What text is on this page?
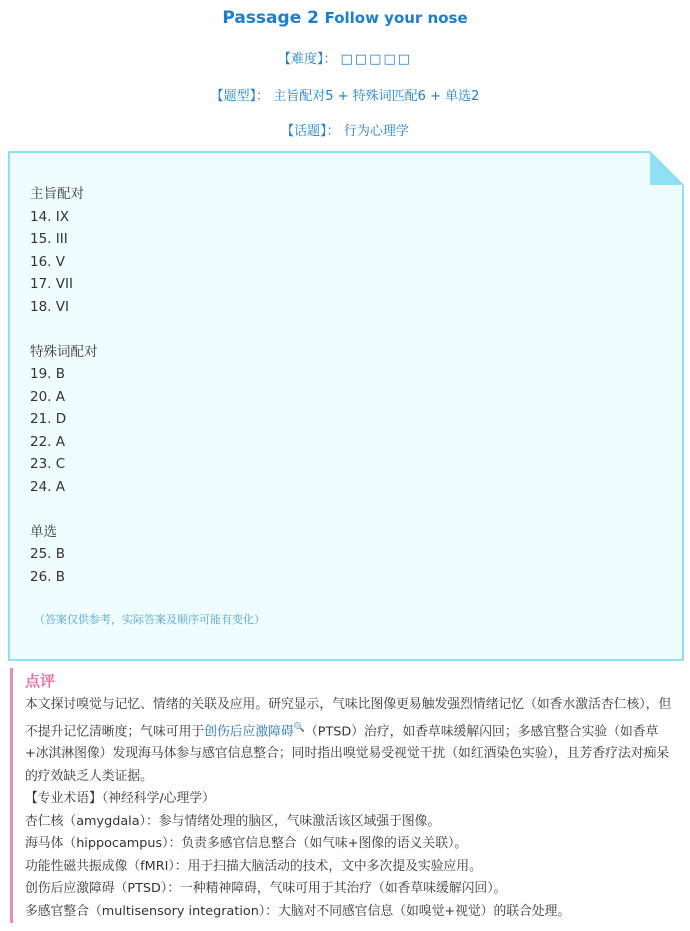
Passage 2 Follow your nose
【难度】： □□□□□
【题型】： 主旨配对5 + 特殊词匹配6 + 单选2
【话题】： 行为心理学
主旨配对
14. IX
15. III
16. V
17. VII
18. VI
特殊词配对
19. B
20. A
21. D
22. A
23. C
24. A
单选
25. B
26. B
（答案仅供参考，实际答案及顺序可能有变化）
点评

本文探讨嗅觉与记忆、情绪的关联及应用。研究显示，气味比图像更易触发强烈情绪记忆（如香水激活杏仁核），但不提升记忆清晰度；气味可用于创伤后应激障碍🔍（PTSD）治疗，如香草味缓解闪回；多感官整合实验（如香草+冰淇淋图像）发现海马体参与感官信息整合；同时指出嗅觉易受视觉干扰（如红酒染色实验），且芳香疗法对痴呆的疗效缺乏人类证据。

【专业术语】（神经科学/心理学）

杏仁核（amygdala）：参与情绪处理的脑区，气味激活该区域强于图像。

海马体（hippocampus）：负责多感官信息整合（如气味+图像的语义关联）。

功能性磁共振成像（fMRI）：用于扫描大脑活动的技术，文中多次提及实验应用。

创伤后应激障碍（PTSD）：一种精神障碍，气味可用于其治疗（如香草味缓解闪回）。

多感官整合（multisensory integration）：大脑对不同感官信息（如嗅觉+视觉）的联合处理。
